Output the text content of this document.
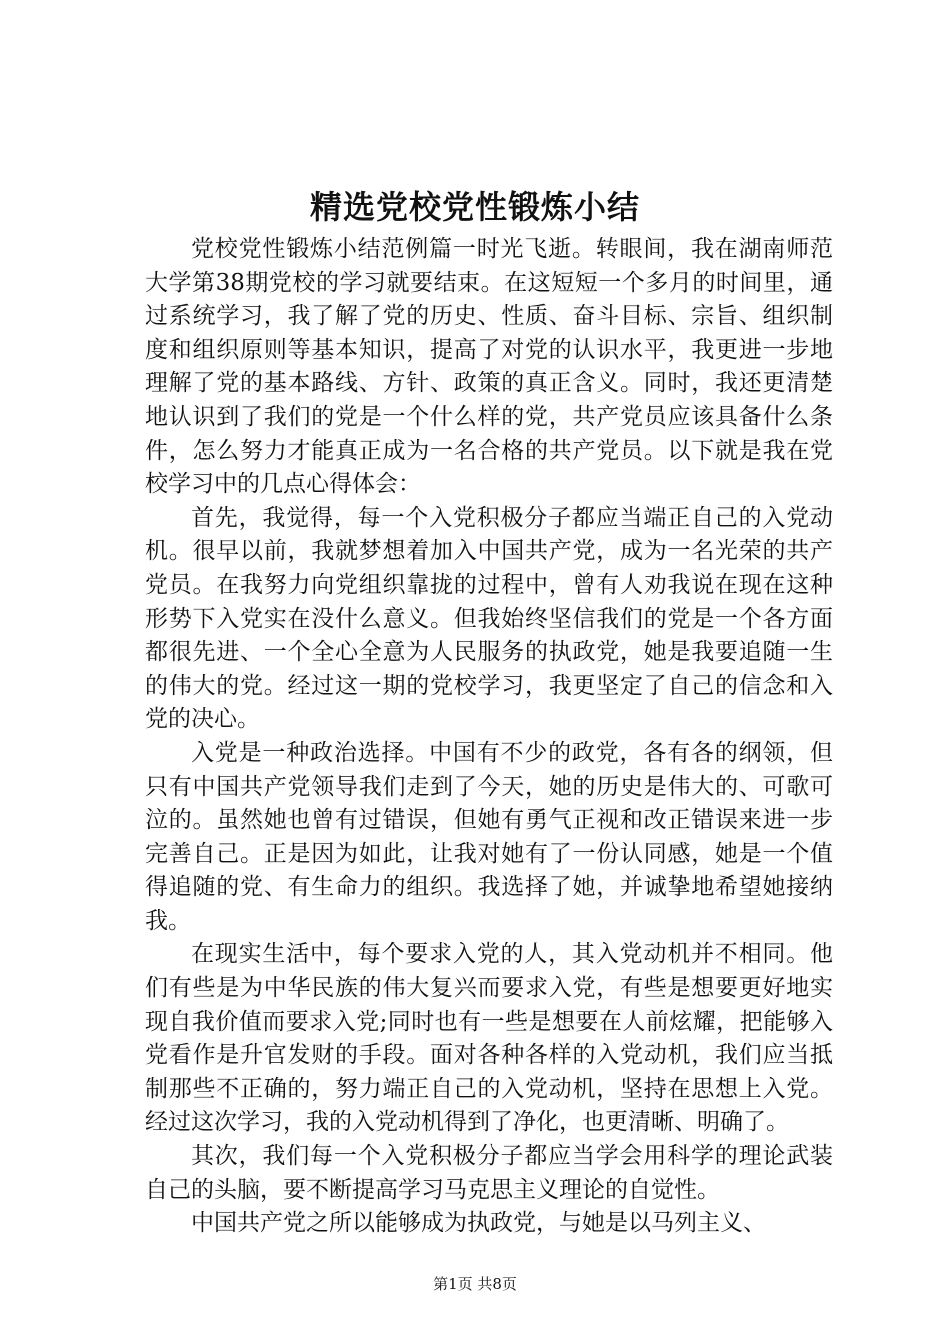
精选党校党性锻炼小结

党校党性锻炼小结范例篇一时光飞逝。转眼间，我在湖南师范大学第38期党校的学习就要结束。在这短短一个多月的时间里，通过系统学习，我了解了党的历史、性质、奋斗目标、宗旨、组织制度和组织原则等基本知识，提高了对党的认识水平，我更进一步地理解了党的基本路线、方针、政策的真正含义。同时，我还更清楚地认识到了我们的党是一个什么样的党，共产党员应该具备什么条件，怎么努力才能真正成为一名合格的共产党员。以下就是我在党校学习中的几点心得体会：

首先，我觉得，每一个入党积极分子都应当端正自己的入党动机。很早以前，我就梦想着加入中国共产党，成为一名光荣的共产党员。在我努力向党组织靠拢的过程中，曾有人劝我说在现在这种形势下入党实在没什么意义。但我始终坚信我们的党是一个各方面都很先进、一个全心全意为人民服务的执政党，她是我要追随一生的伟大的党。经过这一期的党校学习，我更坚定了自己的信念和入党的决心。

入党是一种政治选择。中国有不少的政党，各有各的纲领，但只有中国共产党领导我们走到了今天，她的历史是伟大的、可歌可泣的。虽然她也曾有过错误，但她有勇气正视和改正错误来进一步完善自己。正是因为如此，让我对她有了一份认同感，她是一个值得追随的党、有生命力的组织。我选择了她，并诚挚地希望她接纳我。

在现实生活中，每个要求入党的人，其入党动机并不相同。他们有些是为中华民族的伟大复兴而要求入党，有些是想要更好地实现自我价值而要求入党;同时也有一些是想要在人前炫耀，把能够入党看作是升官发财的手段。面对各种各样的入党动机，我们应当抵制那些不正确的，努力端正自己的入党动机，坚持在思想上入党。经过这次学习，我的入党动机得到了净化，也更清晰、明确了。

其次，我们每一个入党积极分子都应当学会用科学的理论武装自己的头脑，要不断提高学习马克思主义理论的自觉性。

中国共产党之所以能够成为执政党，与她是以马列主义、

第1页 共8页
